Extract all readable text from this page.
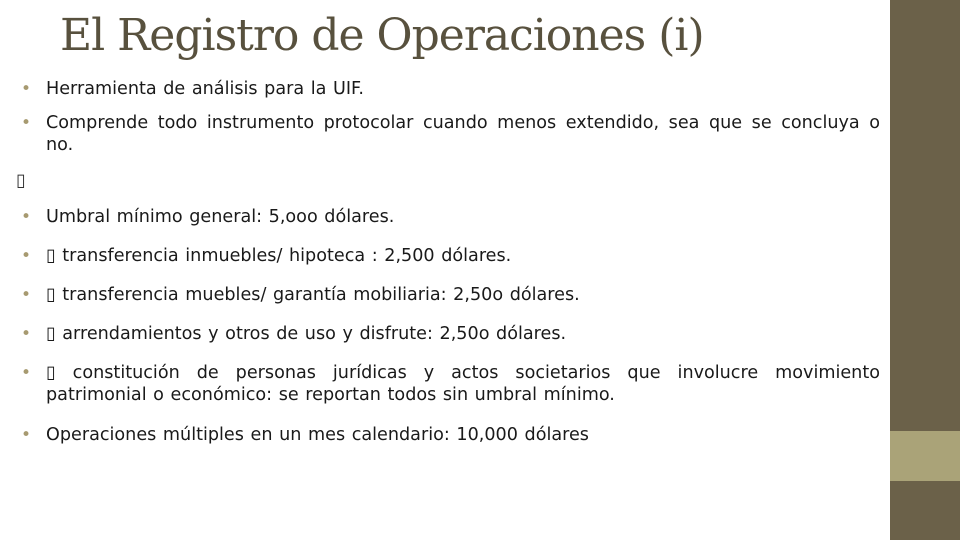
El Registro de Operaciones (i)
• Herramienta de análisis para la UIF.
• Comprende todo instrumento protocolar cuando menos extendido, sea que se concluya o no.
▯
• Umbral mínimo general: 5,ooo dólares.
• ▯ transferencia inmuebles/ hipoteca : 2,500 dólares.
• ▯ transferencia muebles/ garantía mobiliaria: 2,50o dólares.
• ▯ arrendamientos y otros de uso y disfrute: 2,50o dólares.
• ▯ constitución de personas jurídicas y actos societarios que involucre movimiento patrimonial o económico: se reportan todos sin umbral mínimo.
• Operaciones múltiples en un mes calendario: 10,000 dólares
